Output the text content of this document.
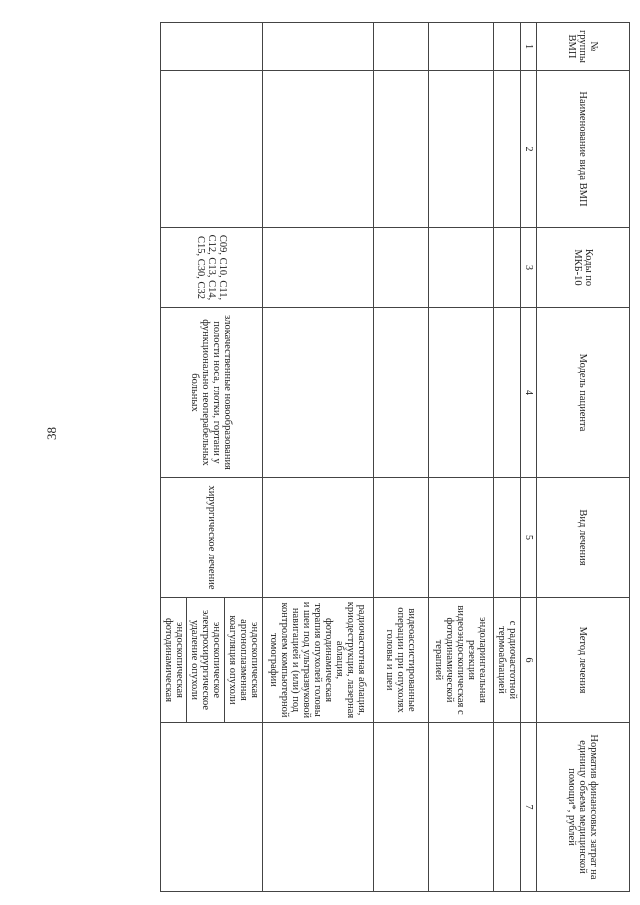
38
№ группы ВМП	Наименование вида ВМП	Коды по МКБ-10	Модель пациента	Вид лечения	Метод лечения	Норматив финансовых затрат на единицу объема медицинской помощи*, рублей
1	2	3	4	5	6	7
					с радиочастотной термоаблацией	
					эндоларингеальная резекция видеоэндоскопическая с фотодинамической терапией	
					видеоассистированные операции при опухолях головы и шеи	
					радиочастотная аблация, криодеструкция, лазерная аблация, фотодинамическая терапия опухолей головы и шеи под ультразвуковой навигацией и (или) под контролем компьютерной томографии	
		C09, C10, C11, C12, C13, C14, C15, C30, C32	злокачественные новообразования полости носа, глотки, гортани у функционально неоперабельных больных	хирургическое лечение	эндоскопическая аргоноплазменная коагуляция опухоли	
					эндоскопическое электрохирургическое удаление опухоли	
					эндоскопическая фотодинамическая	
